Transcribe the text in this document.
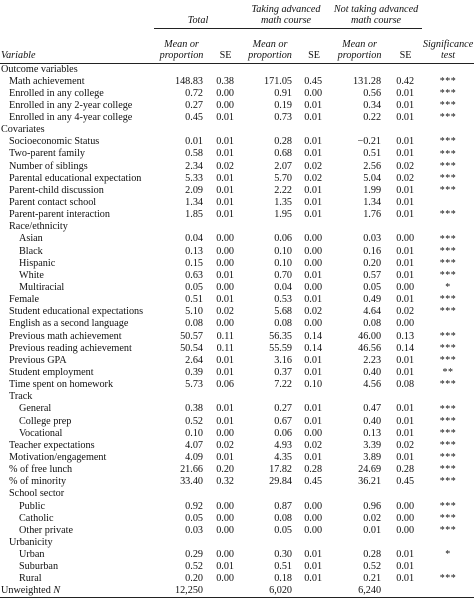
	Total		Taking advanced math course		Not taking advanced math course		
Variable	Mean or proportion	SE	Mean or proportion	SE	Mean or proportion	SE	Significance test
Outcome variables							
Math achievement	148.83	0.38	171.05	0.45	131.28	0.42	***
Enrolled in any college	0.72	0.00	0.91	0.00	0.56	0.01	***
Enrolled in any 2-year college	0.27	0.00	0.19	0.01	0.34	0.01	***
Enrolled in any 4-year college	0.45	0.01	0.73	0.01	0.22	0.01	***
Covariates							
Socioeconomic Status	0.01	0.01	0.28	0.01	−0.21	0.01	***
Two-parent family	0.58	0.01	0.68	0.01	0.51	0.01	***
Number of siblings	2.34	0.02	2.07	0.02	2.56	0.02	***
Parental educational expectation	5.33	0.01	5.70	0.02	5.04	0.02	***
Parent-child discussion	2.09	0.01	2.22	0.01	1.99	0.01	***
Parent contact school	1.34	0.01	1.35	0.01	1.34	0.01	
Parent-parent interaction	1.85	0.01	1.95	0.01	1.76	0.01	***
Race/ethnicity							
Asian	0.04	0.00	0.06	0.00	0.03	0.00	***
Black	0.13	0.00	0.10	0.00	0.16	0.01	***
Hispanic	0.15	0.00	0.10	0.00	0.20	0.01	***
White	0.63	0.01	0.70	0.01	0.57	0.01	***
Multiracial	0.05	0.00	0.04	0.00	0.05	0.00	*
Female	0.51	0.01	0.53	0.01	0.49	0.01	***
Student educational expectations	5.10	0.02	5.68	0.02	4.64	0.02	***
English as a second language	0.08	0.00	0.08	0.00	0.08	0.00	
Previous math achievement	50.57	0.11	56.35	0.14	46.00	0.13	***
Previous reading achievement	50.54	0.11	55.59	0.14	46.56	0.14	***
Previous GPA	2.64	0.01	3.16	0.01	2.23	0.01	***
Student employment	0.39	0.01	0.37	0.01	0.40	0.01	**
Time spent on homework	5.73	0.06	7.22	0.10	4.56	0.08	***
Track							
General	0.38	0.01	0.27	0.01	0.47	0.01	***
College prep	0.52	0.01	0.67	0.01	0.40	0.01	***
Vocational	0.10	0.00	0.06	0.00	0.13	0.01	***
Teacher expectations	4.07	0.02	4.93	0.02	3.39	0.02	***
Motivation/engagement	4.09	0.01	4.35	0.01	3.89	0.01	***
% of free lunch	21.66	0.20	17.82	0.28	24.69	0.28	***
% of minority	33.40	0.32	29.84	0.45	36.21	0.45	***
School sector							
Public	0.92	0.00	0.87	0.00	0.96	0.00	***
Catholic	0.05	0.00	0.08	0.00	0.02	0.00	***
Other private	0.03	0.00	0.05	0.00	0.01	0.00	***
Urbanicity							
Urban	0.29	0.00	0.30	0.01	0.28	0.01	*
Suburban	0.52	0.01	0.51	0.01	0.52	0.01	
Rural	0.20	0.00	0.18	0.01	0.21	0.01	***
Unweighted N	12,250		6,020		6,240		
